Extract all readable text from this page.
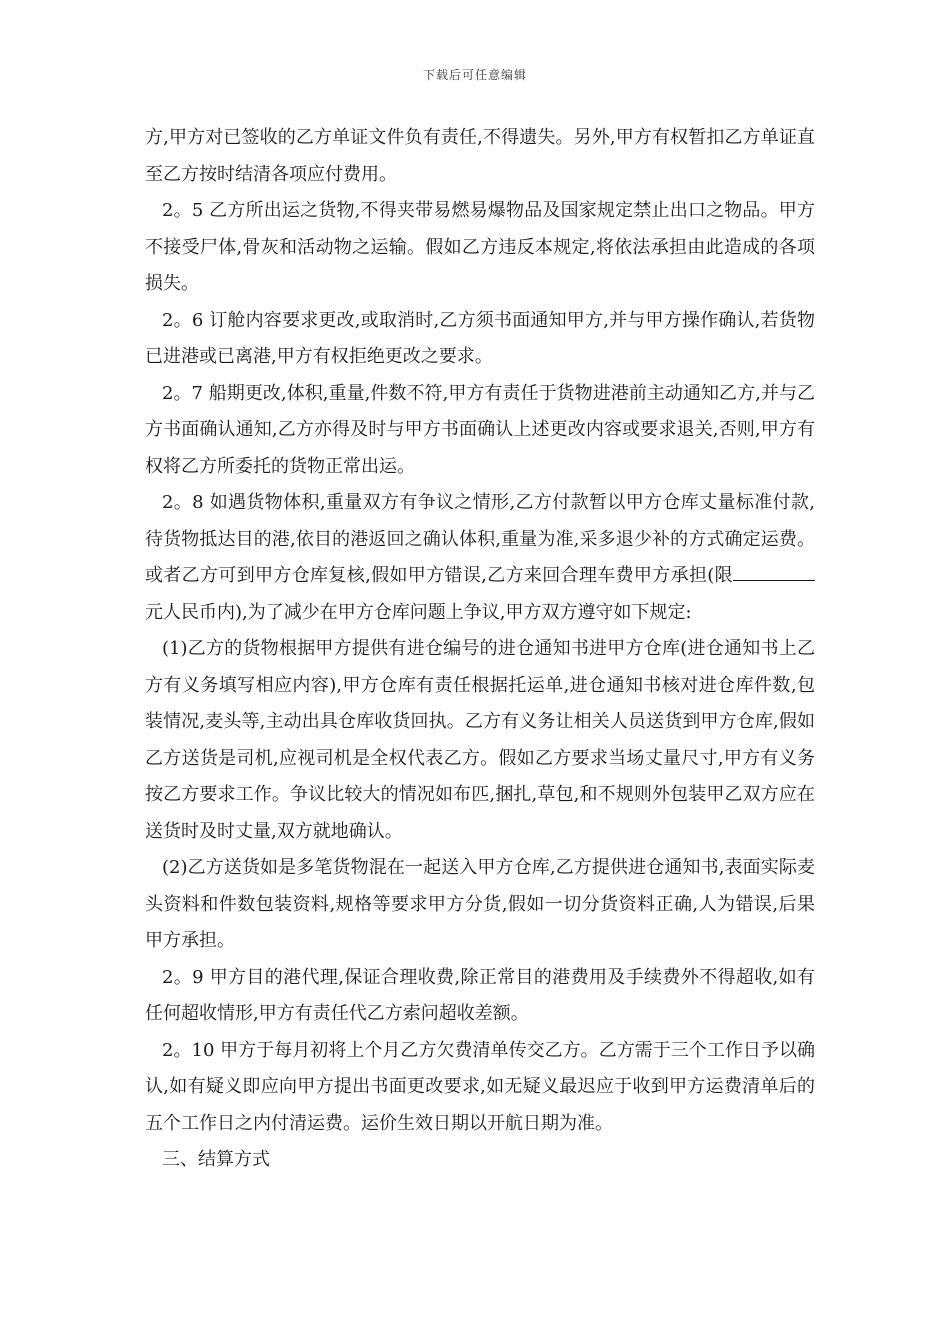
下载后可任意编辑

方,甲方对已签收的乙方单证文件负有责任,不得遗失。另外,甲方有权暂扣乙方单证直至乙方按时结清各项应付费用。

2。5 乙方所出运之货物,不得夹带易燃易爆物品及国家规定禁止出口之物品。甲方不接受尸体,骨灰和活动物之运输。假如乙方违反本规定,将依法承担由此造成的各项损失。

2。6 订舱内容要求更改,或取消时,乙方须书面通知甲方,并与甲方操作确认,若货物已进港或已离港,甲方有权拒绝更改之要求。

2。7 船期更改,体积,重量,件数不符,甲方有责任于货物进港前主动通知乙方,并与乙方书面确认通知,乙方亦得及时与甲方书面确认上述更改内容或要求退关,否则,甲方有权将乙方所委托的货物正常出运。

2。8 如遇货物体积,重量双方有争议之情形,乙方付款暂以甲方仓库丈量标准付款,待货物抵达目的港,依目的港返回之确认体积,重量为准,采多退少补的方式确定运费。或者乙方可到甲方仓库复核,假如甲方错误,乙方来回合理车费甲方承担(限元人民币内),为了减少在甲方仓库问题上争议,甲方双方遵守如下规定:

(1)乙方的货物根据甲方提供有进仓编号的进仓通知书进甲方仓库(进仓通知书上乙方有义务填写相应内容),甲方仓库有责任根据托运单,进仓通知书核对进仓库件数,包装情况,麦头等,主动出具仓库收货回执。乙方有义务让相关人员送货到甲方仓库,假如乙方送货是司机,应视司机是全权代表乙方。假如乙方要求当场丈量尺寸,甲方有义务按乙方要求工作。争议比较大的情况如布匹,捆扎,草包,和不规则外包装甲乙双方应在送货时及时丈量,双方就地确认。

(2)乙方送货如是多笔货物混在一起送入甲方仓库,乙方提供进仓通知书,表面实际麦头资料和件数包装资料,规格等要求甲方分货,假如一切分货资料正确,人为错误,后果甲方承担。

2。9 甲方目的港代理,保证合理收费,除正常目的港费用及手续费外不得超收,如有任何超收情形,甲方有责任代乙方索问超收差额。

2。10 甲方于每月初将上个月乙方欠费清单传交乙方。乙方需于三个工作日予以确认,如有疑义即应向甲方提出书面更改要求,如无疑义最迟应于收到甲方运费清单后的五个工作日之内付清运费。运价生效日期以开航日期为准。

三、结算方式
